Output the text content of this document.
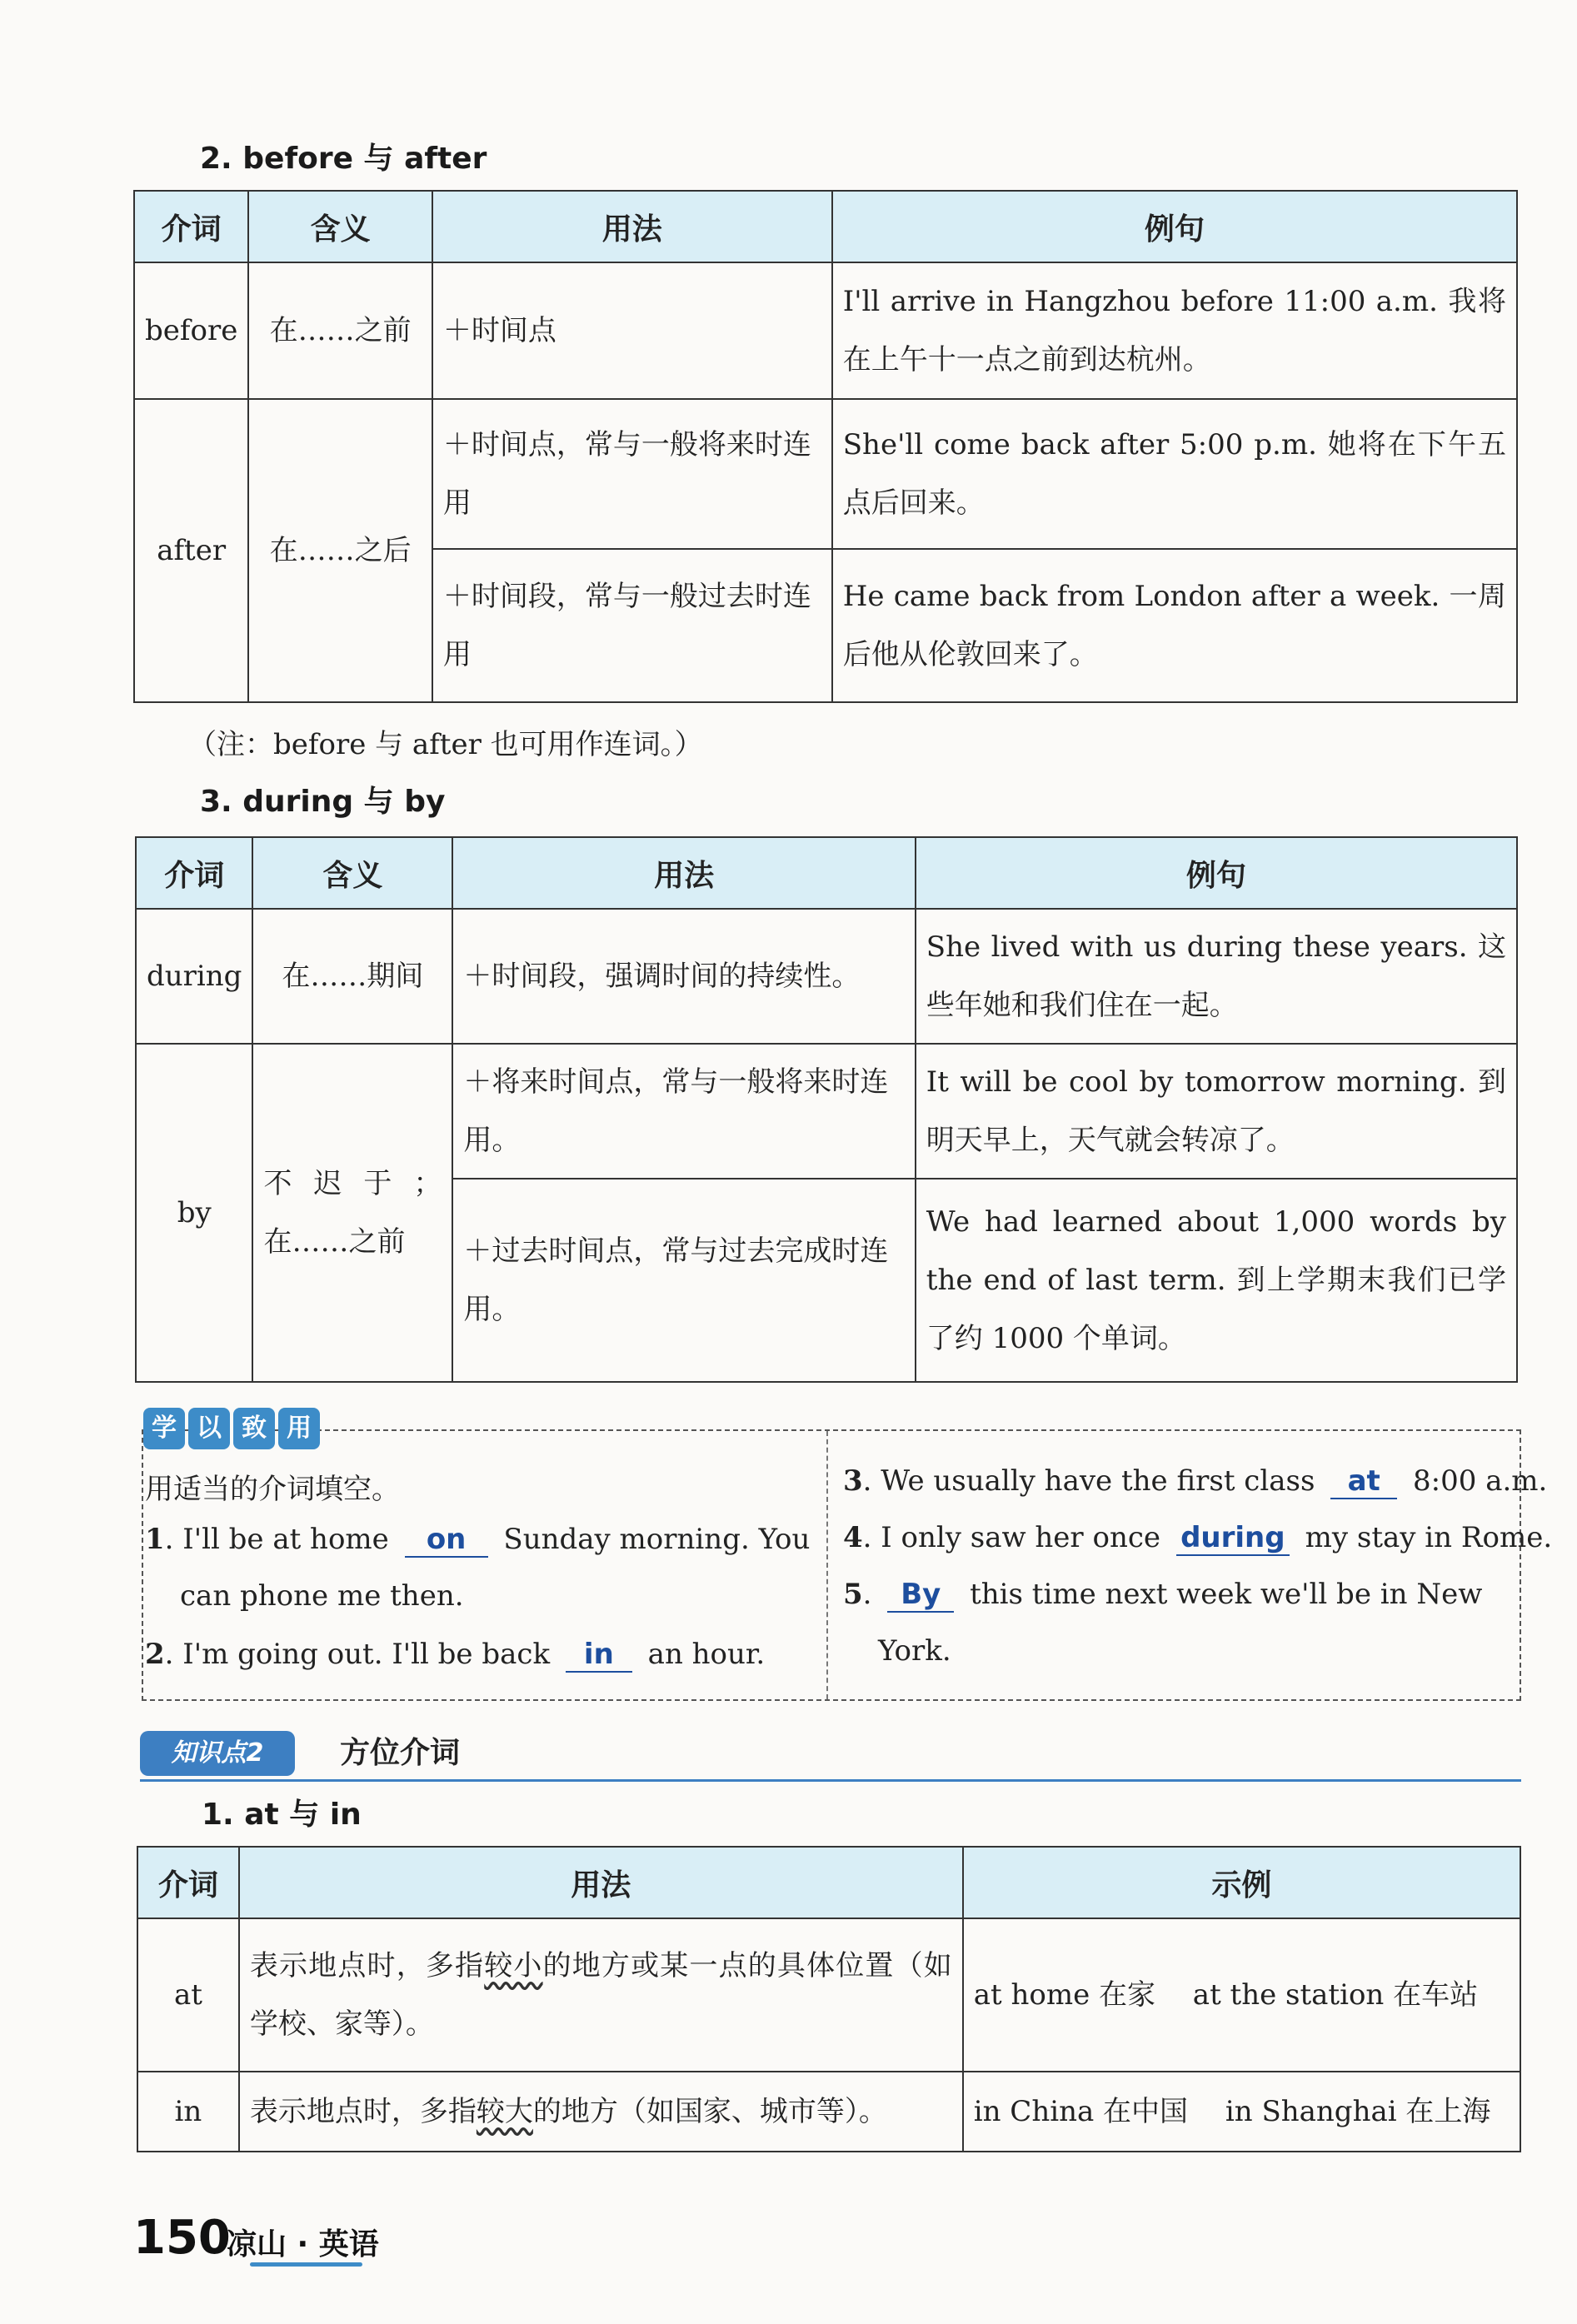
2. before 与 after
介词	含义	用法	例句
before	在……之前	＋时间点	I'll arrive in Hangzhou before 11:00 a.m. 我将在上午十一点之前到达杭州。
after	在……之后	＋时间点，常与一般将来时连用	She'll come back after 5:00 p.m. 她将在下午五点后回来。
		＋时间段，常与一般过去时连用	He came back from London after a week. 一周后他从伦敦回来了。
（注：before 与 after 也可用作连词。）
3. during 与 by
介词	含义	用法	例句
during	在……期间	＋时间段，强调时间的持续性。	She lived with us during these years. 这些年她和我们住在一起。
by	不迟于；在……之前	＋将来时间点，常与一般将来时连用。	It will be cool by tomorrow morning. 到明天早上，天气就会转凉了。
		＋过去时间点，常与过去完成时连用。	We had learned about 1,000 words by the end of last term. 到上学期末我们已学了约 1000 个单词。
用适当的介词填空。
1. I'll be at home on Sunday morning. You
can phone me then.
2. I'm going out. I'll be back in an hour.
3. We usually have the first class at 8:00 a.m.
4. I only saw her once during my stay in Rome.
5. By this time next week we'll be in New
York.
学 以 致 用
知识点2	方位介词
1. at 与 in
介词	用法	示例
at	表示地点时，多指较小的地方或某一点的具体位置（如学校、家等）。	at home 在家　 at the station 在车站
in	表示地点时，多指较大的地方（如国家、城市等）。	in China 在中国　 in Shanghai 在上海
150
凉山 · 英语
